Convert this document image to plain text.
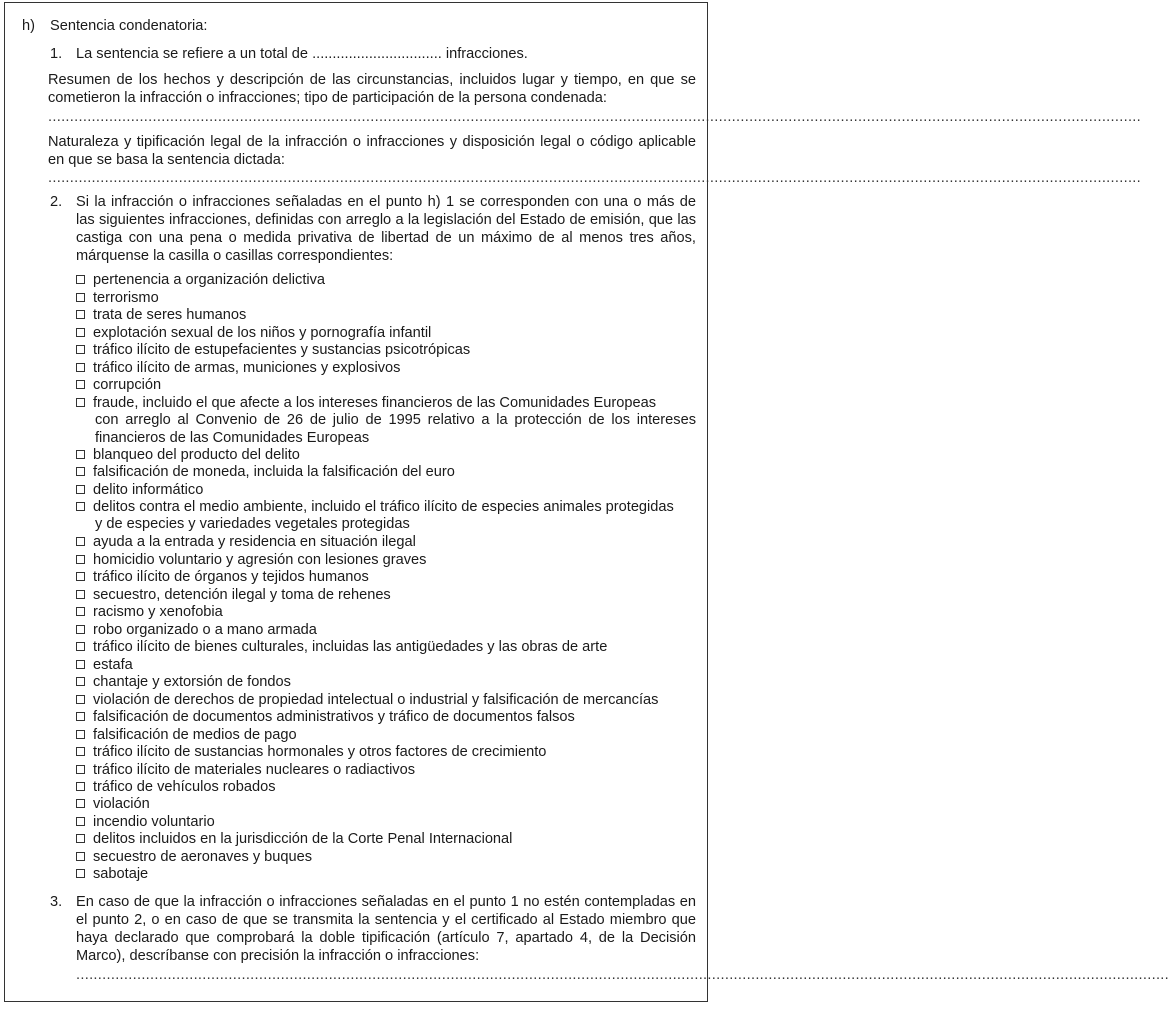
h) Sentencia condenatoria:
1. La sentencia se refiere a un total de ................................ infracciones.
Resumen de los hechos y descripción de las circunstancias, incluidos lugar y tiempo, en que se cometieron la infracción o infracciones; tipo de participación de la persona condenada:
...........................................................................................................................................................................................................................................................
Naturaleza y tipificación legal de la infracción o infracciones y disposición legal o código aplicable en que se basa la sentencia dictada:
...........................................................................................................................................................................................................................................................
2. Si la infracción o infracciones señaladas en el punto h) 1 se corresponden con una o más de las siguientes infracciones, definidas con arreglo a la legislación del Estado de emisión, que las castiga con una pena o medida privativa de libertad de un máximo de al menos tres años, márquense la casilla o casillas correspondientes:
pertenencia a organización delictiva
terrorismo
trata de seres humanos
explotación sexual de los niños y pornografía infantil
tráfico ilícito de estupefacientes y sustancias psicotrópicas
tráfico ilícito de armas, municiones y explosivos
corrupción
fraude, incluido el que afecte a los intereses financieros de las Comunidades Europeas
con arreglo al Convenio de 26 de julio de 1995 relativo a la protección de los intereses financieros de las Comunidades Europeas
blanqueo del producto del delito
falsificación de moneda, incluida la falsificación del euro
delito informático
delitos contra el medio ambiente, incluido el tráfico ilícito de especies animales protegidas
y de especies y variedades vegetales protegidas
ayuda a la entrada y residencia en situación ilegal
homicidio voluntario y agresión con lesiones graves
tráfico ilícito de órganos y tejidos humanos
secuestro, detención ilegal y toma de rehenes
racismo y xenofobia
robo organizado o a mano armada
tráfico ilícito de bienes culturales, incluidas las antigüedades y las obras de arte
estafa
chantaje y extorsión de fondos
violación de derechos de propiedad intelectual o industrial y falsificación de mercancías
falsificación de documentos administrativos y tráfico de documentos falsos
falsificación de medios de pago
tráfico ilícito de sustancias hormonales y otros factores de crecimiento
tráfico ilícito de materiales nucleares o radiactivos
tráfico de vehículos robados
violación
incendio voluntario
delitos incluidos en la jurisdicción de la Corte Penal Internacional
secuestro de aeronaves y buques
sabotaje
3. En caso de que la infracción o infracciones señaladas en el punto 1 no estén contempladas en el punto 2, o en caso de que se transmita la sentencia y el certificado al Estado miembro que haya declarado que comprobará la doble tipificación (artículo 7, apartado 4, de la Decisión Marco), descríbanse con precisión la infracción o infracciones:
...........................................................................................................................................................................................................................................................
